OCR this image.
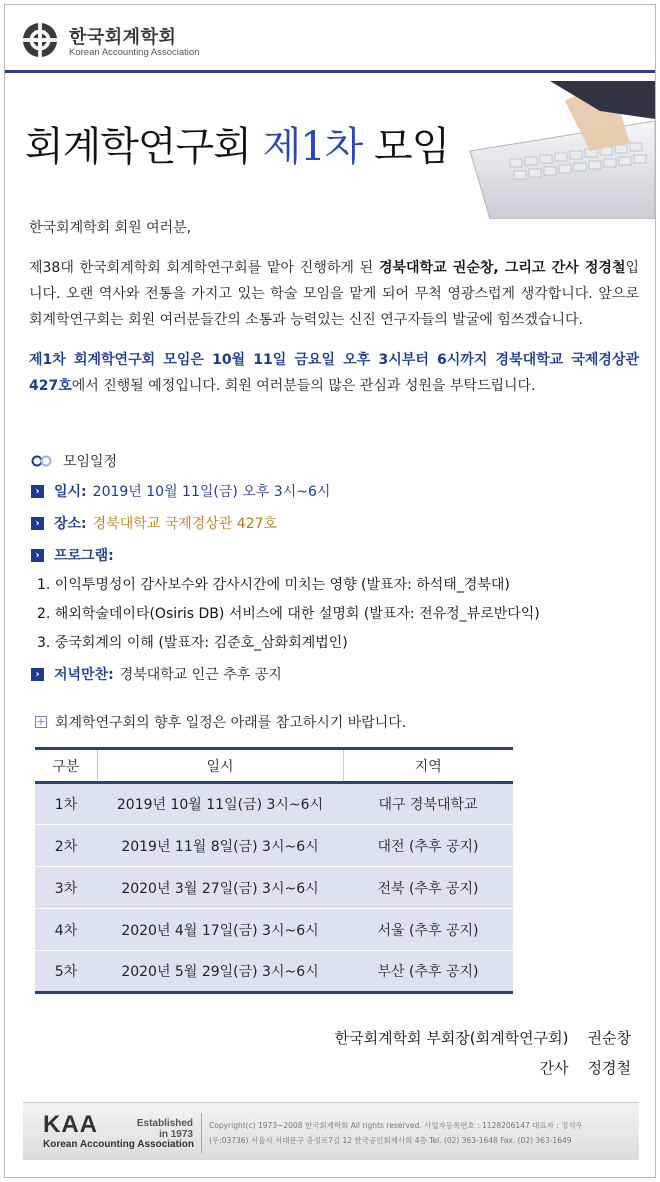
한국회계학회
Korean Accounting Association
회계학연구회 제1차 모임
한국회계학회 회원 여러분,
제38대 한국회계학회 회계학연구회를 맡아 진행하게 된 경북대학교 권순창, 그리고 간사 정경철입니다. 오랜 역사와 전통을 가지고 있는 학술 모임을 맡게 되어 무척 영광스럽게 생각합니다. 앞으로 회계학연구회는 회원 여러분들간의 소통과 능력있는 신진 연구자들의 발굴에 힘쓰겠습니다.
제1차 회계학연구회 모임은 10월 11일 금요일 오후 3시부터 6시까지 경북대학교 국제경상관 427호에서 진행될 예정입니다. 회원 여러분들의 많은 관심과 성원을 부탁드립니다.
모임일정
›	일시: 2019년 10월 11일(금) 오후 3시~6시
›	장소: 경북대학교 국제경상관 427호
›	프로그램:
1. 이익투명성이 감사보수와 감사시간에 미치는 영향 (발표자: 하석태_경북대)
2. 해외학술데이타(Osiris DB) 서비스에 대한 설명회 (발표자: 전유정_뷰로반다익)
3. 중국회계의 이해 (발표자: 김준호_삼화회계법인)
›	저녁만찬: 경북대학교 인근 추후 공지
+ 회계학연구회의 향후 일정은 아래를 참고하시기 바랍니다.
구분	일시	지역
1차	2019년 10월 11일(금) 3시~6시	대구 경북대학교
2차	2019년 11월 8일(금) 3시~6시	대전 (추후 공지)
3차	2020년 3월 27일(금) 3시~6시	전북 (추후 공지)
4차	2020년 4월 17일(금) 3시~6시	서울 (추후 공지)
5차	2020년 5월 29일(금) 3시~6시	부산 (추후 공지)
한국회계학회 부회장(회계학연구회) 권순창
간사 정경철
KAA
Korean Accounting Association
Established
in 1973
Copyright(c) 1973~2008 한국회계학회 All rights reserved. 사업자등록번호 : 1128206147 대표자 : 정석우
(우:03736) 서울시 서대문구 충정로7길 12 한국공인회계사회 4층 Tel. (02) 363-1648 Fax. (02) 363-1649
